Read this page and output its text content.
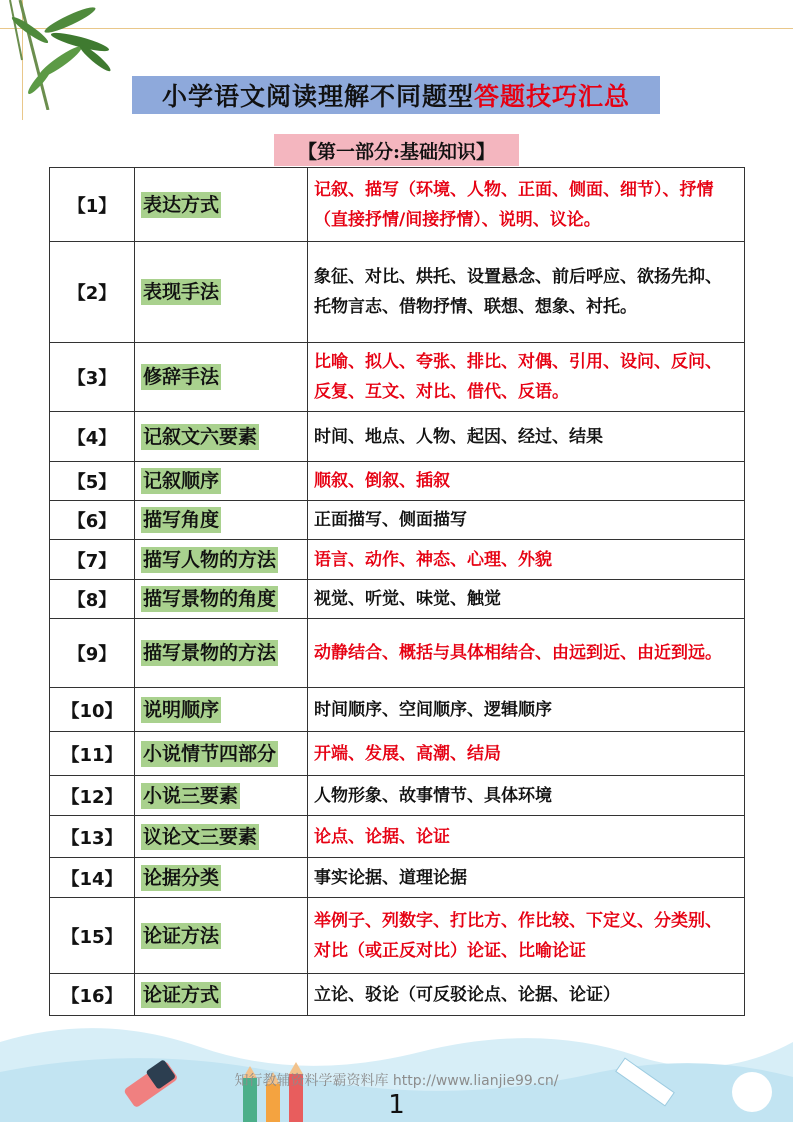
小学语文阅读理解不同题型 答题技巧汇总
【第一部分:基础知识】
【1】	表达方式	记叙、描写（环境、人物、正面、侧面、细节）、抒情（直接抒情/间接抒情）、说明、议论。
【2】	表现手法	象征、对比、烘托、设置悬念、前后呼应、欲扬先抑、托物言志、借物抒情、联想、想象、衬托。
【3】	修辞手法	比喻、拟人、夸张、排比、对偶、引用、设问、反问、反复、互文、对比、借代、反语。
【4】	记叙文六要素	时间、地点、人物、起因、经过、结果
【5】	记叙顺序	顺叙、倒叙、插叙
【6】	描写角度	正面描写、侧面描写
【7】	描写人物的方法	语言、动作、神态、心理、外貌
【8】	描写景物的角度	视觉、听觉、味觉、触觉
【9】	描写景物的方法	动静结合、概括与具体相结合、由远到近、由近到远。
【10】	说明顺序	时间顺序、空间顺序、逻辑顺序
【11】	小说情节四部分	开端、发展、高潮、结局
【12】	小说三要素	人物形象、故事情节、具体环境
【13】	议论文三要素	论点、论据、论证
【14】	论据分类	事实论据、道理论据
【15】	论证方法	举例子、列数字、打比方、作比较、下定义、分类别、对比（或正反对比）论证、比喻论证
【16】	论证方式	立论、驳论（可反驳论点、论据、论证）
知行教辅资料学霸资料库 http://www.lianjie99.cn/
1
